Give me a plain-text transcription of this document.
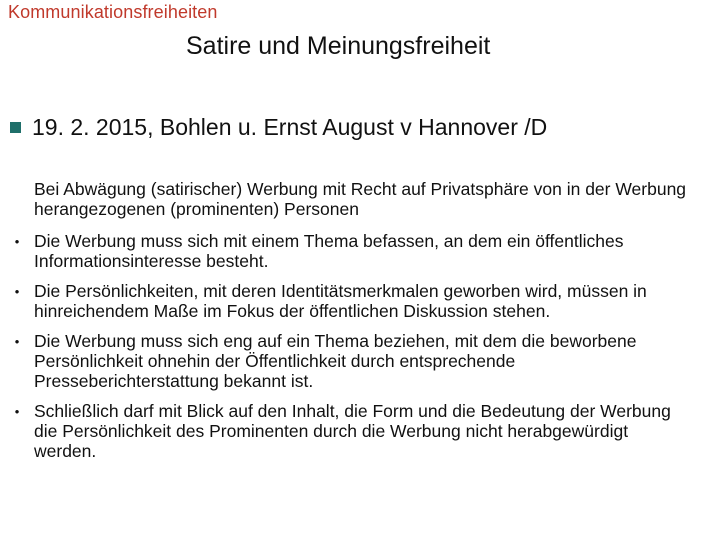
Kommunikationsfreiheiten
Satire und Meinungsfreiheit
19. 2. 2015, Bohlen u. Ernst August v Hannover /D
Bei Abwägung (satirischer) Werbung mit Recht auf Privatsphäre von in der Werbung herangezogenen (prominenten) Personen
• Die Werbung muss sich mit einem Thema befassen, an dem ein öffentliches Informationsinteresse besteht.
• Die Persönlichkeiten, mit deren Identitätsmerkmalen geworben wird, müssen in hinreichendem Maße im Fokus der öffentlichen Diskussion stehen.
• Die Werbung muss sich eng auf ein Thema beziehen, mit dem die beworbene Persönlichkeit ohnehin der Öffentlichkeit durch entsprechende Presseberichterstattung bekannt ist.
• Schließlich darf mit Blick auf den Inhalt, die Form und die Bedeutung der Werbung die Persönlichkeit des Prominenten durch die Werbung nicht herabgewürdigt werden.
